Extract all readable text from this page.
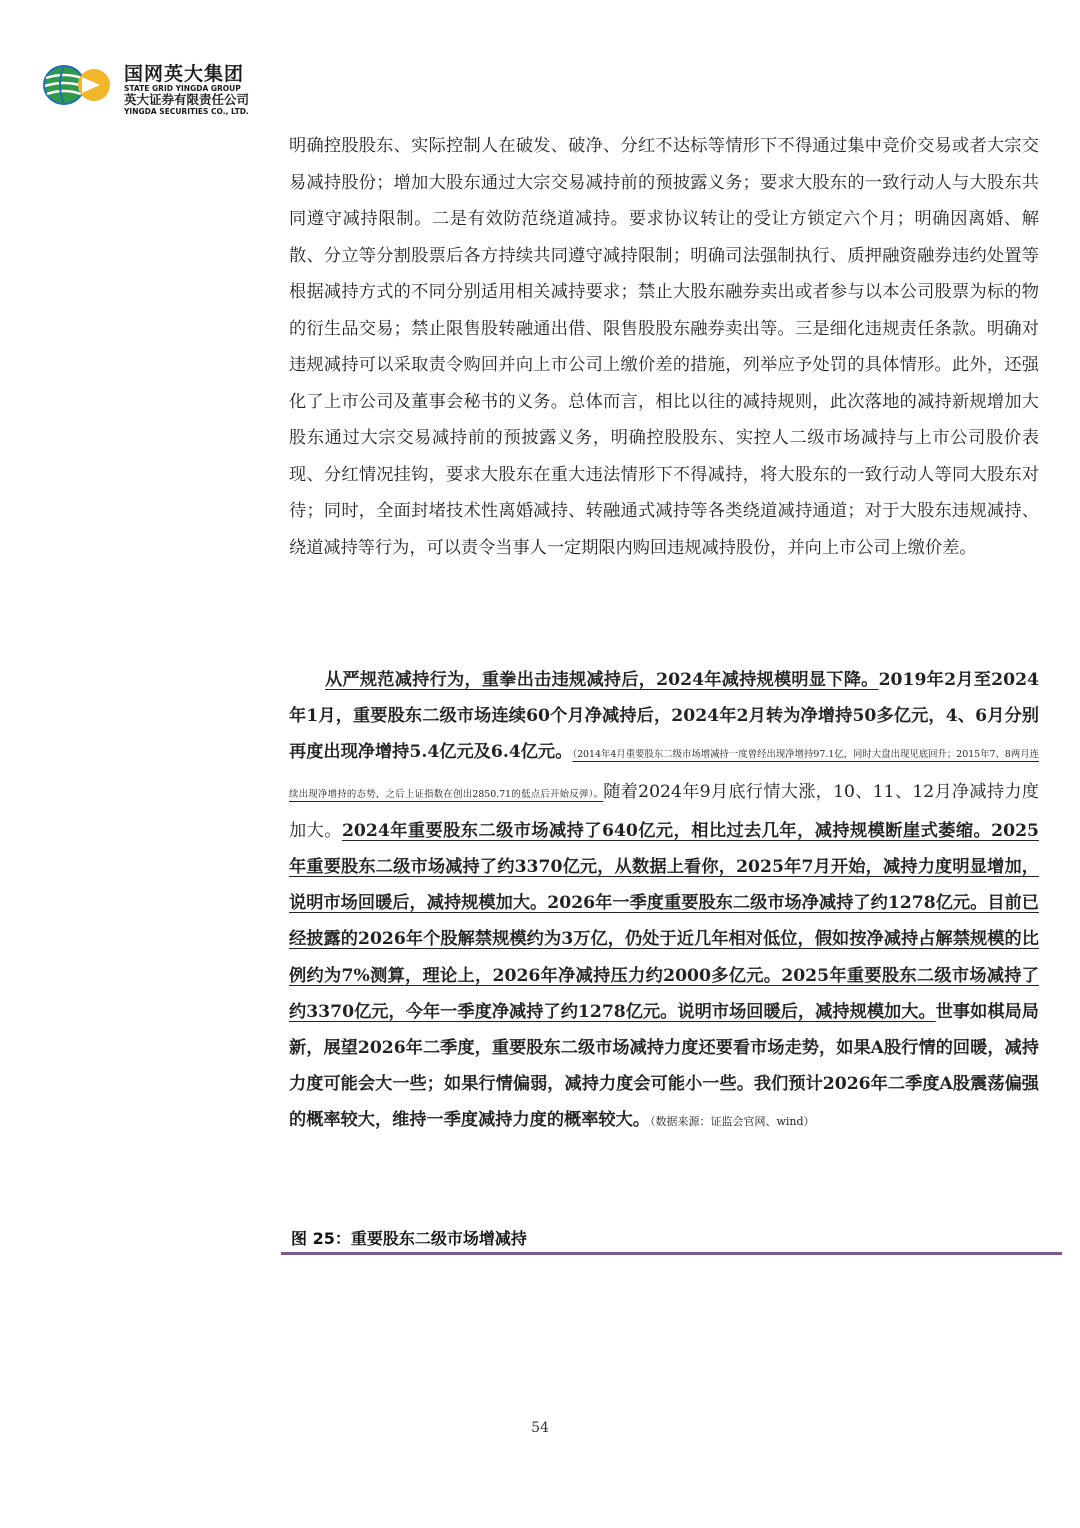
国网英大集团
STATE GRID YINGDA GROUP
英大证券有限责任公司
YINGDA SECURITIES CO., LTD.

明确控股股东、实际控制人在破发、破净、分红不达标等情形下不得通过集中竞价交易或者大宗交易减持股份；增加大股东通过大宗交易减持前的预披露义务；要求大股东的一致行动人与大股东共同遵守减持限制。二是有效防范绕道减持。要求协议转让的受让方锁定六个月；明确因离婚、解散、分立等分割股票后各方持续共同遵守减持限制；明确司法强制执行、质押融资融券违约处置等根据减持方式的不同分别适用相关减持要求；禁止大股东融券卖出或者参与以本公司股票为标的物的衍生品交易；禁止限售股转融通出借、限售股股东融券卖出等。三是细化违规责任条款。明确对违规减持可以采取责令购回并向上市公司上缴价差的措施，列举应予处罚的具体情形。此外，还强化了上市公司及董事会秘书的义务。总体而言，相比以往的减持规则，此次落地的减持新规增加大股东通过大宗交易减持前的预披露义务，明确控股股东、实控人二级市场减持与上市公司股价表现、分红情况挂钩，要求大股东在重大违法情形下不得减持，将大股东的一致行动人等同大股东对待；同时，全面封堵技术性离婚减持、转融通式减持等各类绕道减持通道；对于大股东违规减持、绕道减持等行为，可以责令当事人一定期限内购回违规减持股份，并向上市公司上缴价差。

从严规范减持行为，重拳出击违规减持后，2024年减持规模明显下降。2019年2月至2024年1月，重要股东二级市场连续60个月净减持后，2024年2月转为净增持50多亿元，4、6月分别再度出现净增持5.4亿元及6.4亿元。（2014年4月重要股东二级市场增减持一度曾经出现净增持97.1亿，同时大盘出现见底回升；2015年7、8两月连续出现净增持的态势，之后上证指数在创出2850.71的低点后开始反弹）。随着2024年9月底行情大涨，10、11、12月净减持力度加大。2024年重要股东二级市场减持了640亿元，相比过去几年，减持规模断崖式萎缩。2025年重要股东二级市场减持了约3370亿元，从数据上看你，2025年7月开始，减持力度明显增加，说明市场回暖后，减持规模加大。2026年一季度重要股东二级市场净减持了约1278亿元。目前已经披露的2026年个股解禁规模约为3万亿，仍处于近几年相对低位，假如按净减持占解禁规模的比例约为7%测算，理论上，2026年净减持压力约2000多亿元。2025年重要股东二级市场减持了约3370亿元，今年一季度净减持了约1278亿元。说明市场回暖后，减持规模加大。世事如棋局局新，展望2026年二季度，重要股东二级市场减持力度还要看市场走势，如果A股行情的回暖，减持力度可能会大一些；如果行情偏弱，减持力度会可能小一些。我们预计2026年二季度A股震荡偏强的概率较大，维持一季度减持力度的概率较大。（数据来源：证监会官网、wind）

图 25：重要股东二级市场增减持
54
